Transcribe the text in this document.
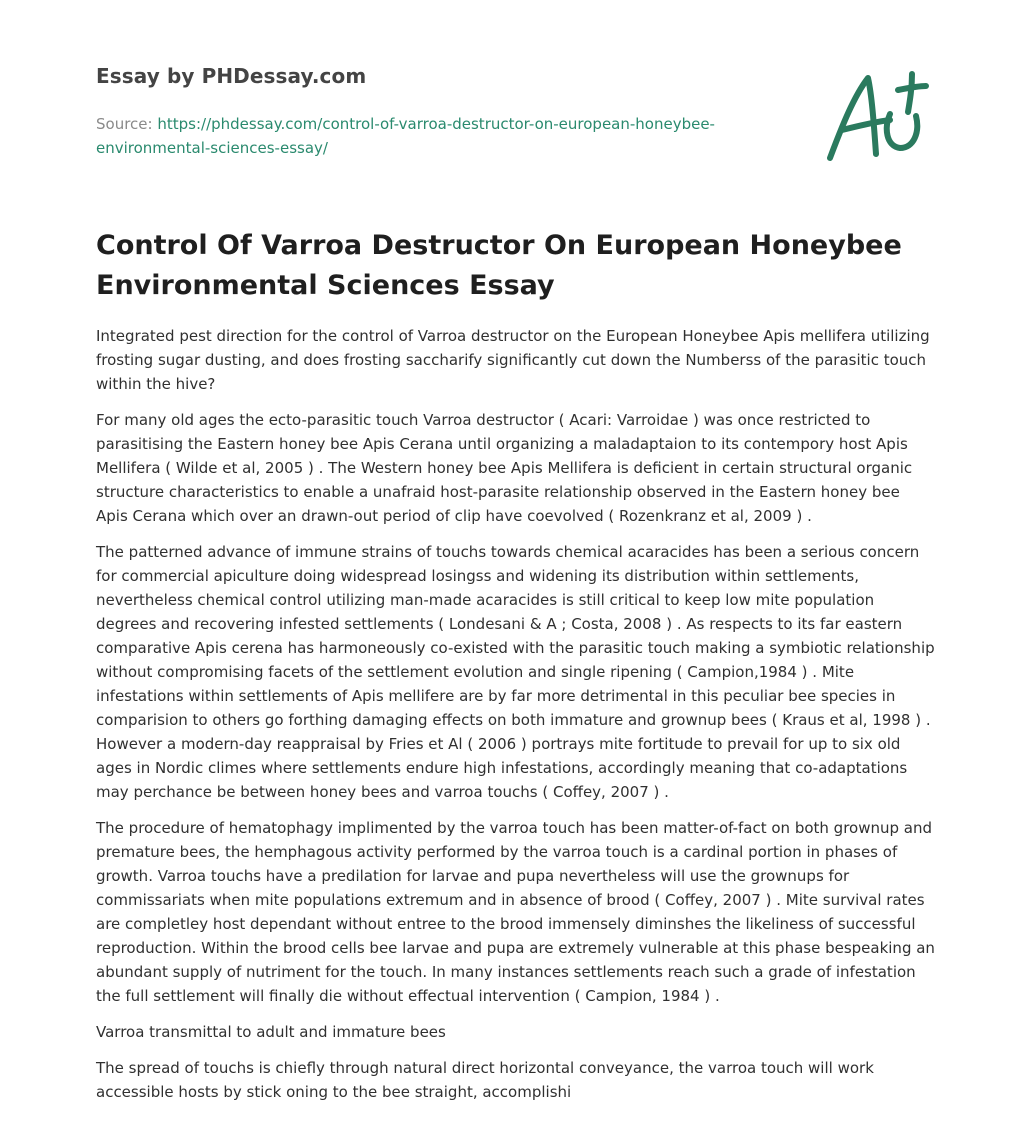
Essay by PHDessay.com
Source: https://phdessay.com/control-of-varroa-destructor-on-european-honeybee-environmental-sciences-essay/
Control Of Varroa Destructor On European Honeybee Environmental Sciences Essay

Integrated pest direction for the control of Varroa destructor on the European Honeybee Apis mellifera utilizing frosting sugar dusting, and does frosting saccharify significantly cut down the Numberss of the parasitic touch within the hive?

For many old ages the ecto-parasitic touch Varroa destructor ( Acari: Varroidae ) was once restricted to parasitising the Eastern honey bee Apis Cerana until organizing a maladaptaion to its contempory host Apis Mellifera ( Wilde et al, 2005 ) . The Western honey bee Apis Mellifera is deficient in certain structural organic structure characteristics to enable a unafraid host-parasite relationship observed in the Eastern honey bee Apis Cerana which over an drawn-out period of clip have coevolved ( Rozenkranz et al, 2009 ) .

The patterned advance of immune strains of touchs towards chemical acaracides has been a serious concern for commercial apiculture doing widespread losingss and widening its distribution within settlements, nevertheless chemical control utilizing man-made acaracides is still critical to keep low mite population degrees and recovering infested settlements ( Londesani & A ; Costa, 2008 ) . As respects to its far eastern comparative Apis cerena has harmoneously co-existed with the parasitic touch making a symbiotic relationship without compromising facets of the settlement evolution and single ripening ( Campion,1984 ) . Mite infestations within settlements of Apis mellifere are by far more detrimental in this peculiar bee species in comparision to others go forthing damaging effects on both immature and grownup bees ( Kraus et al, 1998 ) . However a modern-day reappraisal by Fries et Al ( 2006 ) portrays mite fortitude to prevail for up to six old ages in Nordic climes where settlements endure high infestations, accordingly meaning that co-adaptations may perchance be between honey bees and varroa touchs ( Coffey, 2007 ) .

The procedure of hematophagy implimented by the varroa touch has been matter-of-fact on both grownup and premature bees, the hemphagous activity performed by the varroa touch is a cardinal portion in phases of growth. Varroa touchs have a predilation for larvae and pupa nevertheless will use the grownups for commissariats when mite populations extremum and in absence of brood ( Coffey, 2007 ) . Mite survival rates are completley host dependant without entree to the brood immensely diminshes the likeliness of successful reproduction. Within the brood cells bee larvae and pupa are extremely vulnerable at this phase bespeaking an abundant supply of nutriment for the touch. In many instances settlements reach such a grade of infestation the full settlement will finally die without effectual intervention ( Campion, 1984 ) .

Varroa transmittal to adult and immature bees

The spread of touchs is chiefly through natural direct horizontal conveyance, the varroa touch will work accessible hosts by stick oning to the bee straight, accomplishi
